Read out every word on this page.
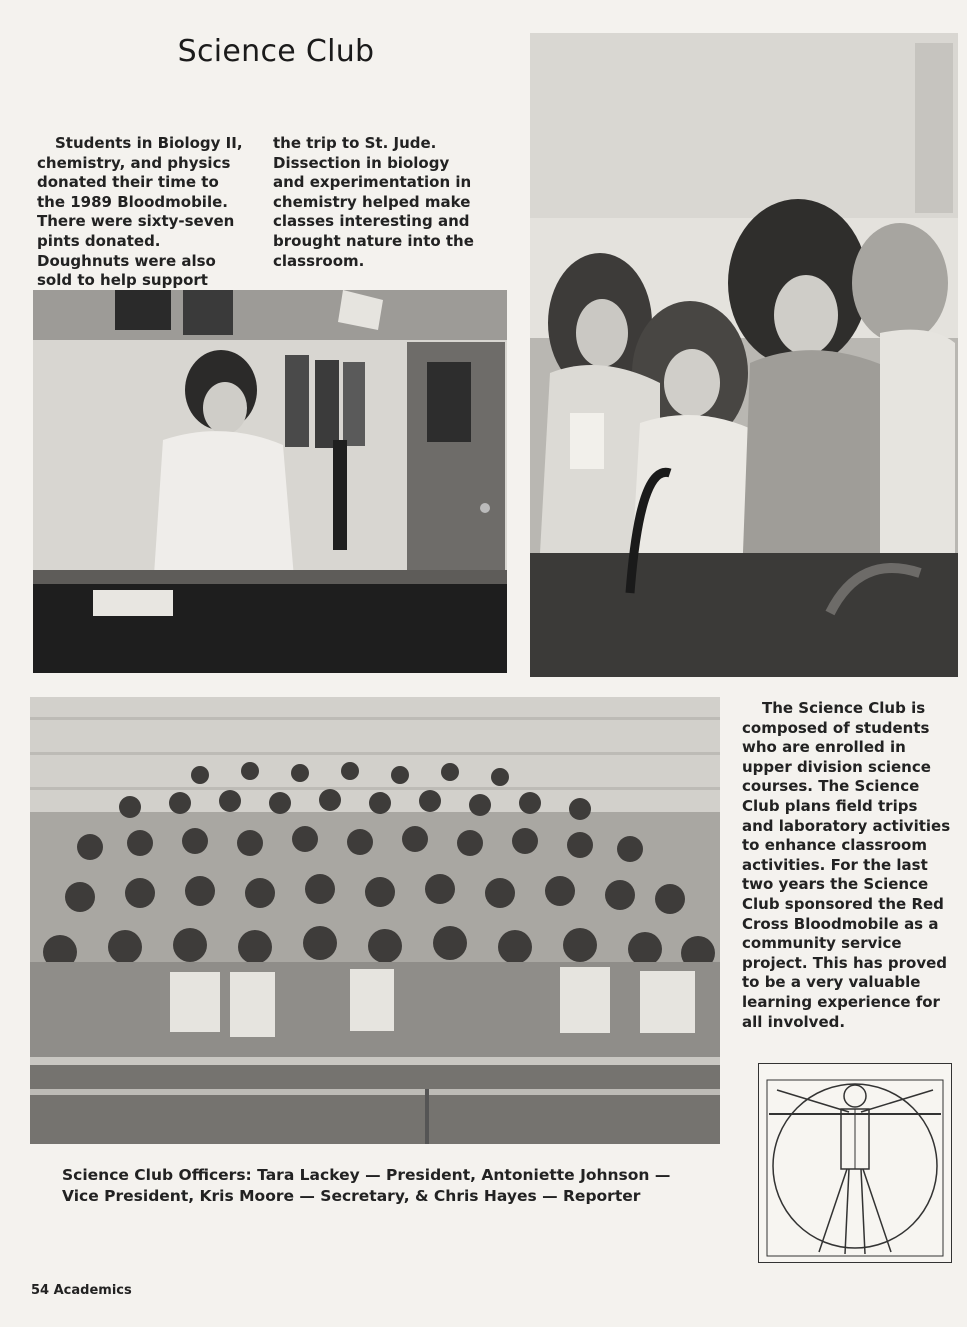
Science Club
Students in Biology II, chemistry, and physics donated their time to the 1989 Bloodmobile. There were sixty-seven pints donated. Doughnuts were also sold to help support
the trip to St. Jude. Dissection in biology and experimentation in chemistry helped make classes interesting and brought nature into the classroom.
The Science Club is composed of students who are enrolled in upper division science courses. The Science Club plans field trips and laboratory activities to enhance classroom activities. For the last two years the Science Club sponsored the Red Cross Bloodmobile as a community service project. This has proved to be a very valuable learning experience for all involved.
Science Club Officers: Tara Lackey — President, Antoniette Johnson — Vice President, Kris Moore — Secretary, & Chris Hayes — Reporter
54 Academics
